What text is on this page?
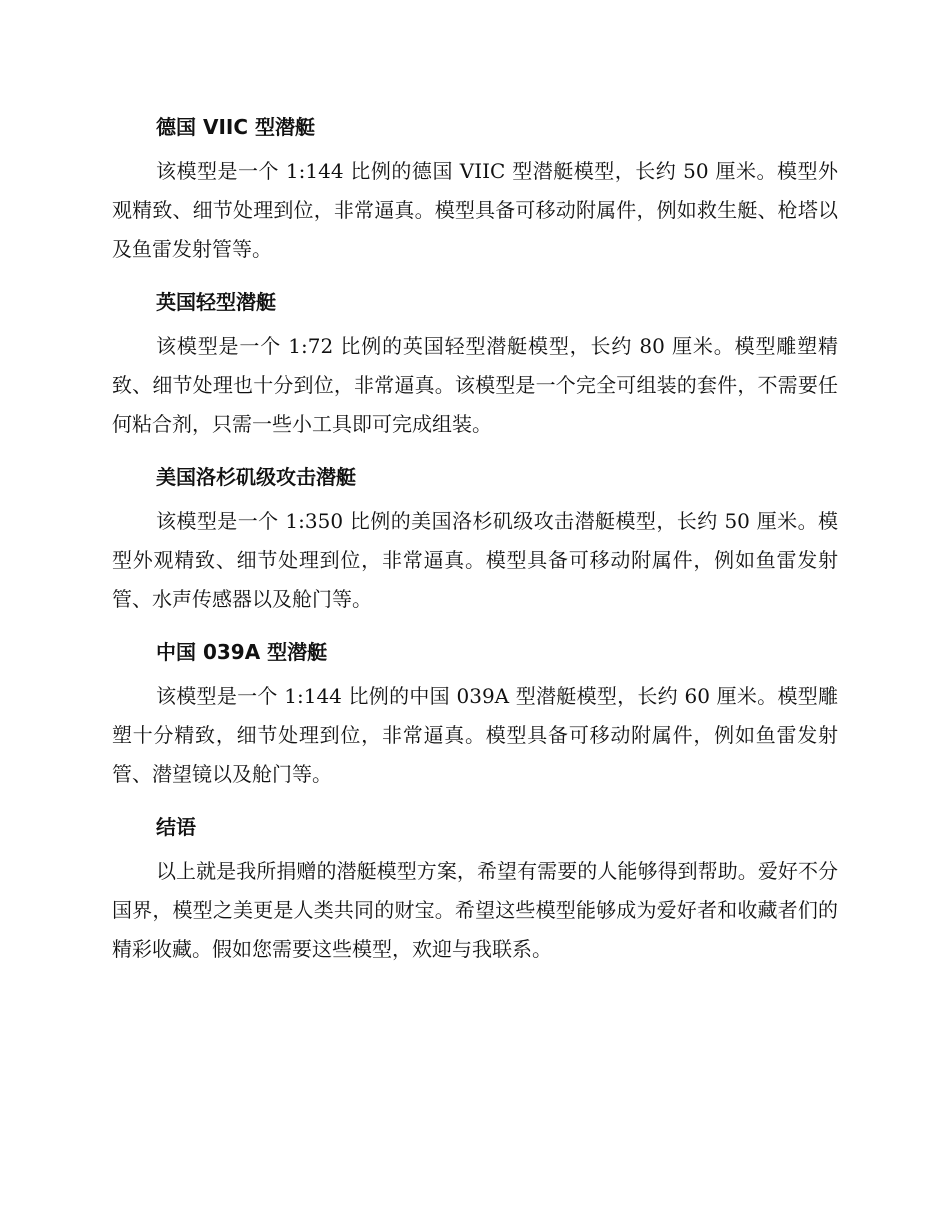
德国 VIIC 型潜艇

该模型是一个 1:144 比例的德国 VIIC 型潜艇模型，长约 50 厘米。模型外观精致、细节处理到位，非常逼真。模型具备可移动附属件，例如救生艇、枪塔以及鱼雷发射管等。

英国轻型潜艇

该模型是一个 1:72 比例的英国轻型潜艇模型，长约 80 厘米。模型雕塑精致、细节处理也十分到位，非常逼真。该模型是一个完全可组装的套件，不需要任何粘合剂，只需一些小工具即可完成组装。

美国洛杉矶级攻击潜艇

该模型是一个 1:350 比例的美国洛杉矶级攻击潜艇模型，长约 50 厘米。模型外观精致、细节处理到位，非常逼真。模型具备可移动附属件，例如鱼雷发射管、水声传感器以及舱门等。

中国 039A 型潜艇

该模型是一个 1:144 比例的中国 039A 型潜艇模型，长约 60 厘米。模型雕塑十分精致，细节处理到位，非常逼真。模型具备可移动附属件，例如鱼雷发射管、潜望镜以及舱门等。

结语

以上就是我所捐赠的潜艇模型方案，希望有需要的人能够得到帮助。爱好不分国界，模型之美更是人类共同的财宝。希望这些模型能够成为爱好者和收藏者们的精彩收藏。假如您需要这些模型，欢迎与我联系。
